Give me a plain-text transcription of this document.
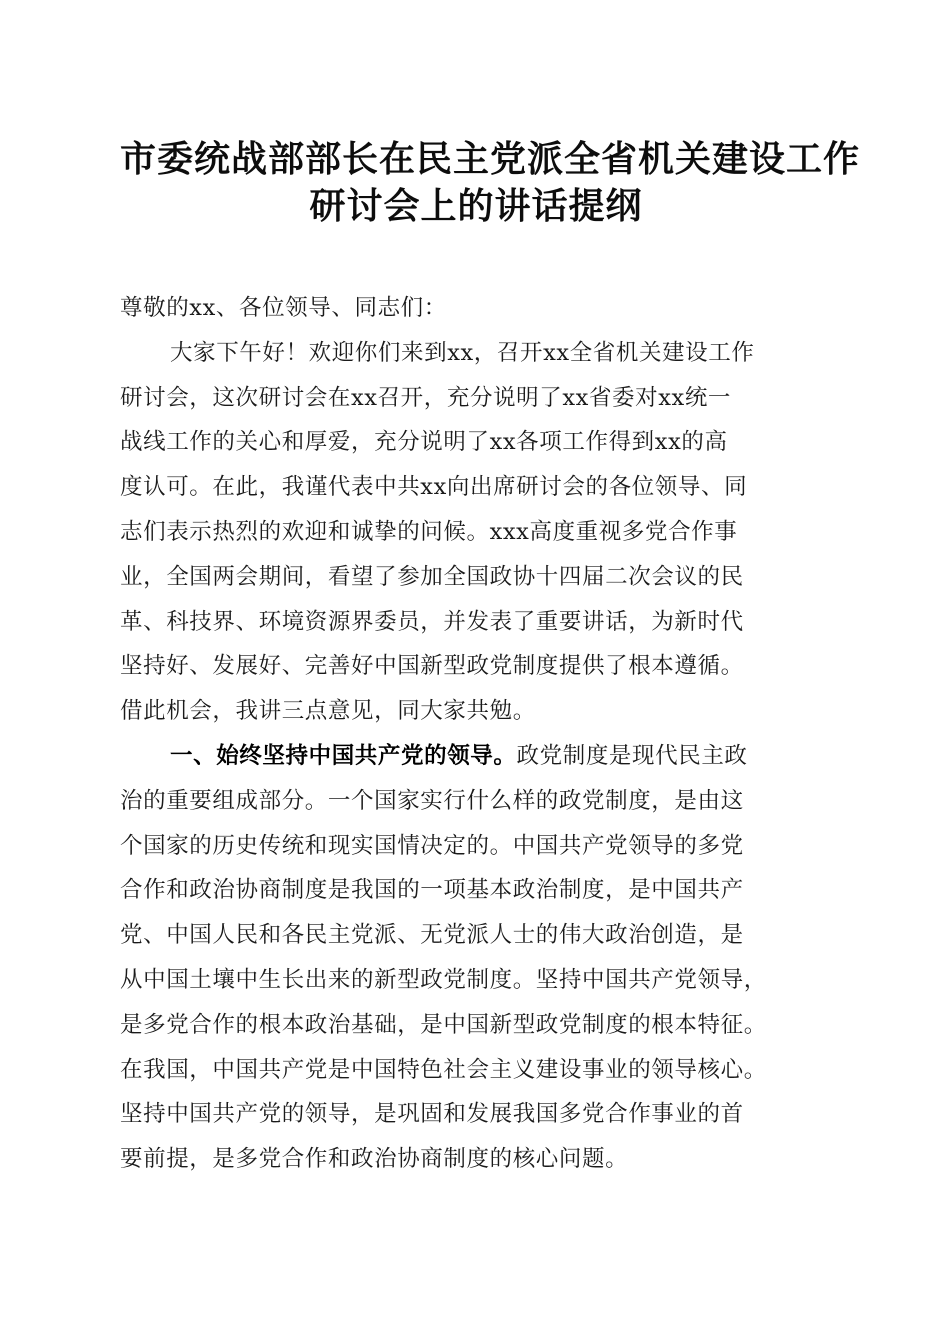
市委统战部部长在民主党派全省机关建设工作
研讨会上的讲话提纲
尊敬的xx、各位领导、同志们：
大家下午好！欢迎你们来到xx，召开xx全省机关建设工作
研讨会，这次研讨会在xx召开，充分说明了xx省委对xx统一
战线工作的关心和厚爱，充分说明了xx各项工作得到xx的高
度认可。在此，我谨代表中共xx向出席研讨会的各位领导、同
志们表示热烈的欢迎和诚挚的问候。xxx高度重视多党合作事
业，全国两会期间，看望了参加全国政协十四届二次会议的民
革、科技界、环境资源界委员，并发表了重要讲话，为新时代
坚持好、发展好、完善好中国新型政党制度提供了根本遵循。
借此机会，我讲三点意见，同大家共勉。
一、始终坚持中国共产党的领导。政党制度是现代民主政
治的重要组成部分。一个国家实行什么样的政党制度，是由这
个国家的历史传统和现实国情决定的。中国共产党领导的多党
合作和政治协商制度是我国的一项基本政治制度，是中国共产
党、中国人民和各民主党派、无党派人士的伟大政治创造，是
从中国土壤中生长出来的新型政党制度。坚持中国共产党领导，
是多党合作的根本政治基础，是中国新型政党制度的根本特征。
在我国，中国共产党是中国特色社会主义建设事业的领导核心。
坚持中国共产党的领导，是巩固和发展我国多党合作事业的首
要前提，是多党合作和政治协商制度的核心问题。
